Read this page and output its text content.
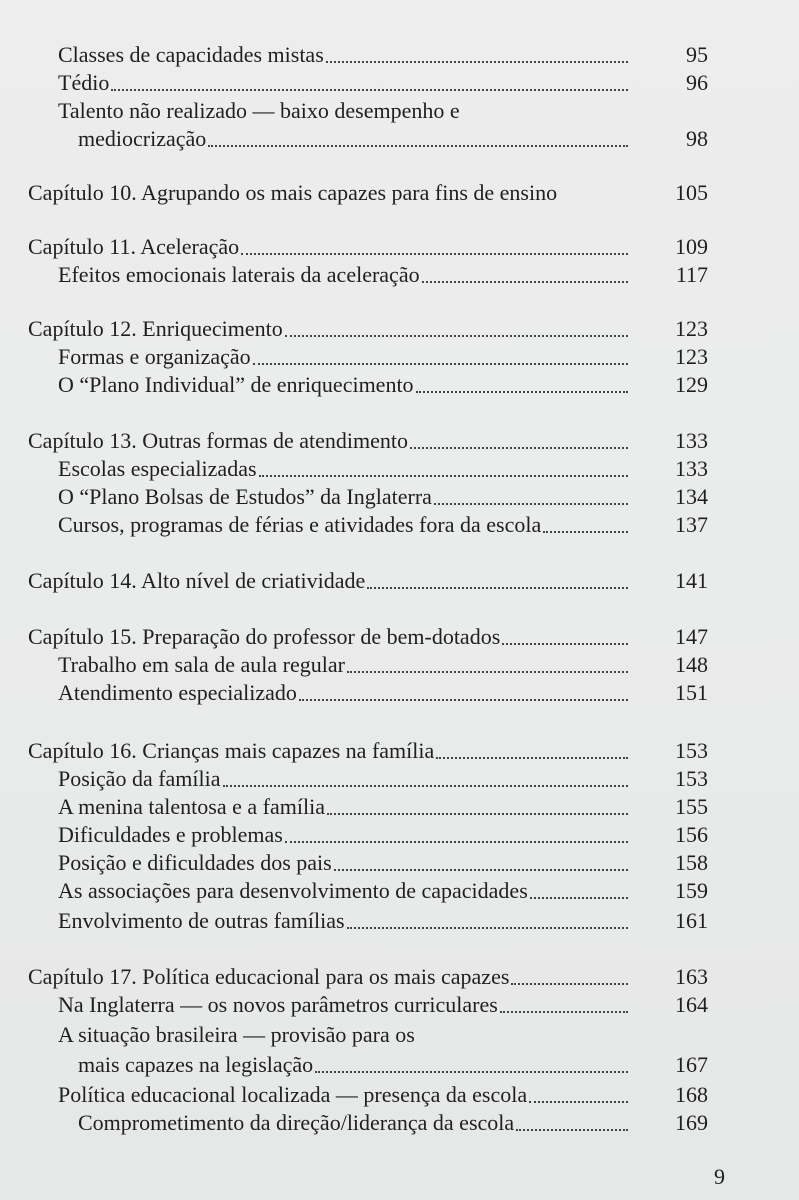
Classes de capacidades mistas	95
Tédio	96
Talento não realizado — baixo desempenho e
mediocrização	98
Capítulo 10. Agrupando os mais capazes para fins de ensino	105
Capítulo 11. Aceleração	109
Efeitos emocionais laterais da aceleração	117
Capítulo 12. Enriquecimento	123
Formas e organização	123
O “Plano Individual” de enriquecimento	129
Capítulo 13. Outras formas de atendimento	133
Escolas especializadas	133
O “Plano Bolsas de Estudos” da Inglaterra	134
Cursos, programas de férias e atividades fora da escola	137
Capítulo 14. Alto nível de criatividade	141
Capítulo 15. Preparação do professor de bem-dotados	147
Trabalho em sala de aula regular	148
Atendimento especializado	151
Capítulo 16. Crianças mais capazes na família	153
Posição da família	153
A menina talentosa e a família	155
Dificuldades e problemas	156
Posição e dificuldades dos pais	158
As associações para desenvolvimento de capacidades	159
Envolvimento de outras famílias	161
Capítulo 17. Política educacional para os mais capazes	163
Na Inglaterra — os novos parâmetros curriculares	164
A situação brasileira — provisão para os
mais capazes na legislação	167
Política educacional localizada — presença da escola	168
Comprometimento da direção/liderança da escola	169
9
